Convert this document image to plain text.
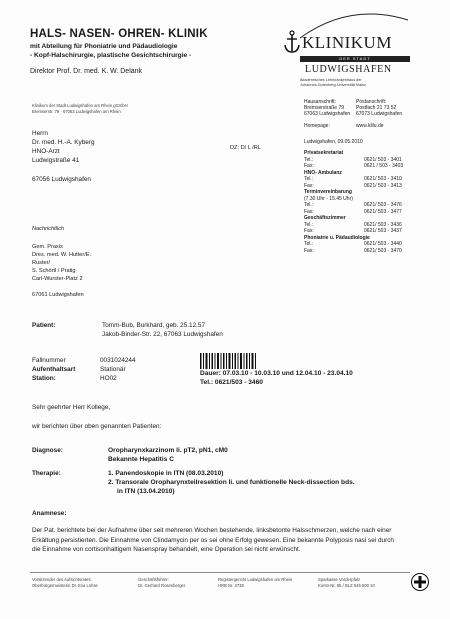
HALS- NASEN- OHREN- KLINIK
mit Abteilung für Phoniatrie und Pädaudiologie
- Kopf-Halschirurgie, plastische Gesichtschirurgie -
Direktor Prof. Dr. med. K. W. Delank
Klinikum der Stadt Ludwigshafen am Rhein gGmbH
Bremserstr. 79 · 67063 Ludwigshafen am Rhein
KLINIKUM
DER STADT
LUDWIGSHAFEN
Akademisches Lehrkrankenhaus der
Johannes-Gutenberg-Universität Mainz
Herrn
Dr. med. H.-A. Kyberg
HNO-Arzt
Ludwigstraße 41
67056 Ludwigshafen
DZ: D/ L /RL
Nachrichtlich
Gem. Praxis
Dres. med. W. Hutter/E.
Ruster/
S. Schörtl / Pratig
Carl-Wurster-Platz 2
67061 Ludwigshafen
Hausanschrift:
Bremserstraße 79
67063 Ludwigshafen
Postanschrift:
Postfach 21 73 52
67073 Ludwigshafen
Homepage:	www.klilu.de
Ludwigshafen, 09.05.2010
Privatsekretariat
Tel.:	0621/ 503 - 3401
Fax:	0621 / 503 - 3403
HNO- Ambulanz
Tel.:	0621/ 503 - 3410
Fax:	0621/ 503 - 3413
Terminvereinbarung
(7.30 Uhr - 15.45 Uhr)
Tel.:	0621/ 503 - 3476
Fax:	0621/ 503 - 3477
Geschäftszimmer
Tel.:	0621/ 503 - 3436
Fax:	0621/ 503 - 3437
Phoniatrie u. Pädaudiologie
Tel.:	0621/ 503 - 3440
Fax:	0621/ 503 - 3470
Patient:	Tomm-Bub, Burkhard, geb. 25.12.57
Jakob-Binder-Str. 22, 67063 Ludwigshafen
Fallnummer	0031024244
Aufenthaltsart	Stationär
Station:	HO02
Dauer: 07.03.10 - 10.03.10 und 12.04.10 - 23.04.10
Tel.: 0621/503 - 3460
Sehr geehrter Herr Kollege,
wir berichten über oben genannten Patienten:
Diagnose:	Oropharynxkarzinom li. pT2, pN1, cM0
Bekannte Hepatitis C
Therapie:	1. Panendoskopie in ITN (08.03.2010)
2. Transorale Oropharynxteilresektion li. und funktionelle Neck-dissection bds.
in ITN (13.04.2010)
Anamnese:
Der Pat. berichtete bei der Aufnahme über seit mehreren Wochen bestehende, linksbetonte Halsschmerzen, welche nach einer Erkältung persistierten. Die Einnahme von Clindamycin per os sei ohne Erfolg gewesen. Eine bekannte Polyposis nasi sei durch die Einnahme von cortisonhaltigem Nasenspray behandelt, eine Operation sei nicht erwünscht.
Vorsitzender des Aufsichtsrates:
Oberbürgermeisterin Dr. Eva Lohse
Geschäftsführer:
Dr. Gerhard Rosenberger
Registergericht Ludwigshafen am Rhein
HRB Nr. 3738
Sparkasse Vorderpfalz
Konto-Nr. 85 / BLZ 545 500 10
